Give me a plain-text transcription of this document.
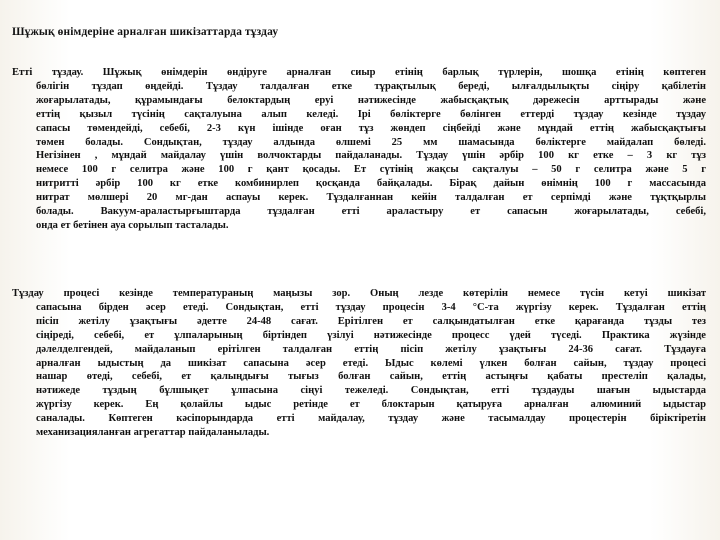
Шұжық өнімдеріне арналған шикізаттарда тұздау
Етті тұздау. Шұжық өнімдерін өндіруге арналған сиыр етінің барлық түрлерін, шошқа етінің көптеген
бөлігін тұздап өңдейді. Тұздау талдалған етке тұрақтылық береді, ылғалдылықты сіңіру қабілетін
жоғарылатады, құрамындағы белоктардың еруі нәтижесінде жабысқақтық дәрежесін арттырады және
еттің қызыл түсінің сақталуына алып келеді. Ірі бөліктерге бөлінген еттерді тұздау кезінде тұздау
сапасы төмендейді, себебі, 2-3 күн ішінде оған тұз жөндеп сіңбейді және мұндай еттің жабысқақтығы
төмен болады. Сондықтан, тұздау алдында өлшемі 25 мм шамасында бөліктерге майдалап бөледі.
Негізінен , мұндай майдалау үшін волчоктарды пайдаланады. Тұздау үшін әрбір 100 кг етке – 3 кг тұз
немесе 100 г селитра және 100 г қант қосады. Ет сүтінің жақсы сақталуы – 50 г селитра және 5 г
нитритті әрбір 100 кг етке комбинирлеп қосқанда байқалады. Бірақ дайын өнімнің 100 г массасында
нитрат мөлшері 20 мг-дан аспауы керек. Тұздалғаннан кейін талдалған ет серпімді және тұқтқырлы
болады. Вакуум-араластырғыштарда тұздалған етті араластыру ет сапасын жоғарылатады, себебі,
онда ет бетінен ауа сорылып тасталады.
Тұздау процесі кезінде температураның маңызы зор. Оның лезде көтерілін немесе түсін кетуі шикізат
сапасына бірден әсер етеді. Сондықтан, етті тұздау процесін 3-4 °С-та жүргізу керек. Тұздалған еттің
пісіп жетілу ұзақтығы әдетте 24-48 сағат. Ерітілген ет салқындатылған етке қарағанда тұзды тез
сіңіреді, себебі, ет ұлпаларының біртіндеп үзілуі нәтижесінде процесс үдей түседі. Практика жүзінде
дәлелделгендей, майдаланып ерітілген талдалған еттің пісіп жетілу ұзақтығы 24-36 сағат. Тұздауға
арналған ыдыстың да шикізат сапасына әсер етеді. Ыдыс көлемі үлкен болған сайын, тұздау процесі
нашар өтеді, себебі, ет қалыңдығы тығыз болған сайын, еттің астыңғы қабаты престеліп қалады,
нәтижеде тұздың бұлшықет ұлпасына сіңуі тежеледі. Сондықтан, етті тұздауды шағын ыдыстарда
жүргізу керек. Ең қолайлы ыдыс ретінде ет блоктарын қатыруға арналған алюминий ыдыстар
саналады. Көптеген кәсіпорындарда етті майдалау, тұздау және тасымалдау процестерін біріктіретін
механизацияланған агрегаттар пайдаланылады.
